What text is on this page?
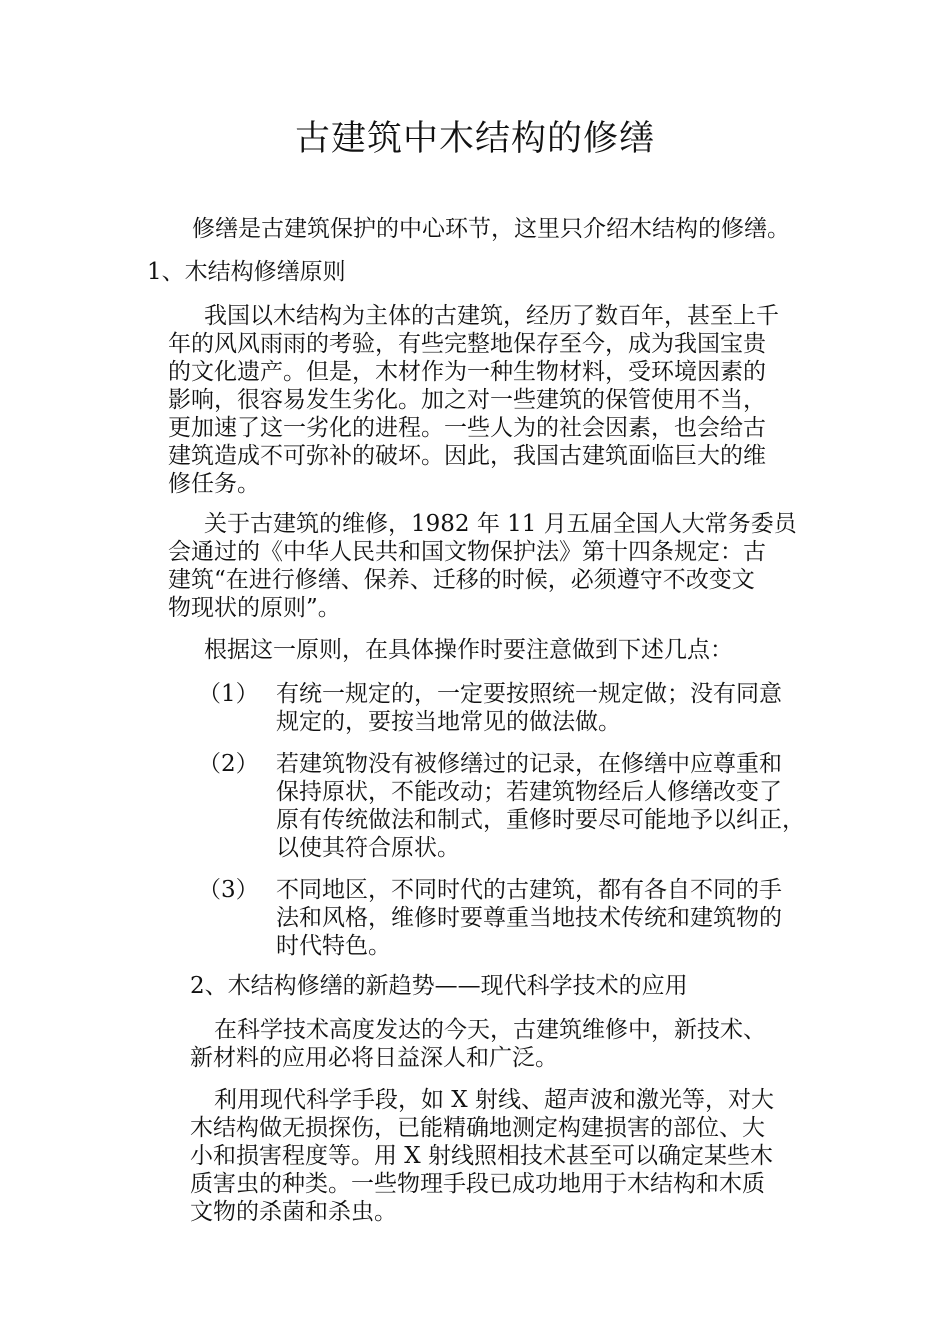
古建筑中木结构的修缮
修缮是古建筑保护的中心环节，这里只介绍木结构的修缮。
1、木结构修缮原则

我国以木结构为主体的古建筑，经历了数百年，甚至上千

年的风风雨雨的考验，有些完整地保存至今，成为我国宝贵

的文化遗产。但是，木材作为一种生物材料，受环境因素的

影响，很容易发生劣化。加之对一些建筑的保管使用不当，

更加速了这一劣化的进程。一些人为的社会因素，也会给古

建筑造成不可弥补的破坏。因此，我国古建筑面临巨大的维

修任务。

关于古建筑的维修，1982 年 11 月五届全国人大常务委员

会通过的《中华人民共和国文物保护法》第十四条规定：古

建筑“在进行修缮、保养、迁移的时候，必须遵守不改变文

物现状的原则”。

根据这一原则，在具体操作时要注意做到下述几点：
（1） 有统一规定的，一定要按照统一规定做；没有同意

规定的，要按当地常见的做法做。

（2） 若建筑物没有被修缮过的记录，在修缮中应尊重和

保持原状，不能改动；若建筑物经后人修缮改变了

原有传统做法和制式，重修时要尽可能地予以纠正，

以使其符合原状。

（3） 不同地区，不同时代的古建筑，都有各自不同的手

法和风格，维修时要尊重当地技术传统和建筑物的

时代特色。

2、木结构修缮的新趋势——现代科学技术的应用

在科学技术高度发达的今天，古建筑维修中，新技术、

新材料的应用必将日益深人和广泛。

利用现代科学手段，如 X 射线、超声波和激光等，对大

木结构做无损探伤，已能精确地测定构建损害的部位、大

小和损害程度等。用 X 射线照相技术甚至可以确定某些木

质害虫的种类。一些物理手段已成功地用于木结构和木质

文物的杀菌和杀虫。
